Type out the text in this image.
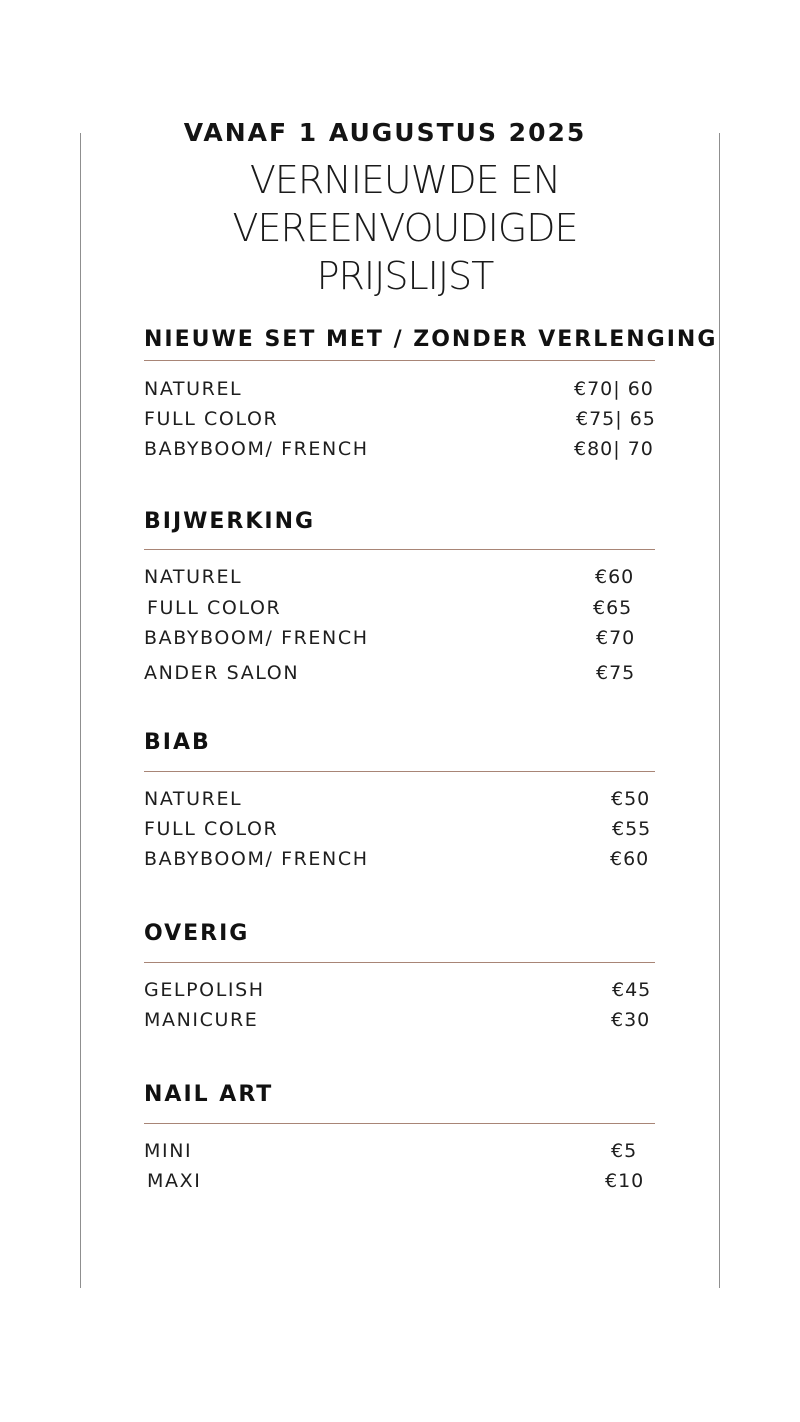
VANAF 1 AUGUSTUS 2025
VERNIEUWDE EN
VEREENVOUDIGDE
PRIJSLIJST
NIEUWE SET MET / ZONDER VERLENGING
NATUREL	€70| 60
FULL COLOR	€75| 65
BABYBOOM/ FRENCH	€80| 70
BIJWERKING
NATUREL	€60
FULL COLOR	€65
BABYBOOM/ FRENCH	€70
ANDER SALON	€75
BIAB
NATUREL	€50
FULL COLOR	€55
BABYBOOM/ FRENCH	€60
OVERIG
GELPOLISH	€45
MANICURE	€30
NAIL ART
MINI	€5
MAXI	€10
